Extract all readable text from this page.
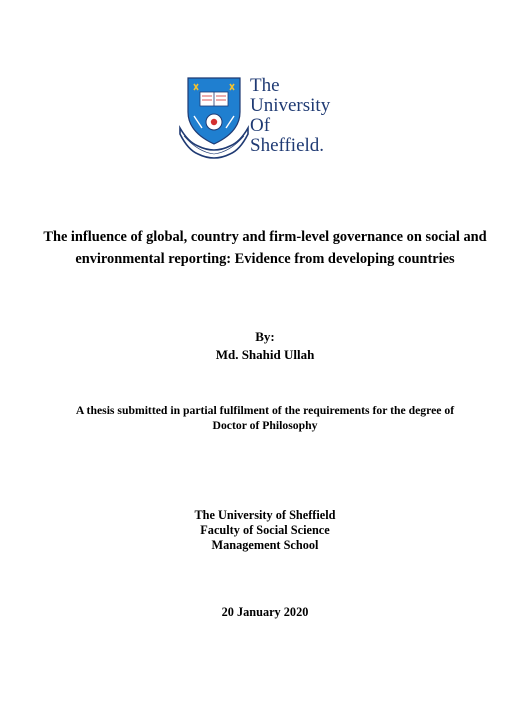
The
University
Of
Sheffield.
The influence of global, country and firm-level governance on social and environmental reporting: Evidence from developing countries
By:
Md. Shahid Ullah
A thesis submitted in partial fulfilment of the requirements for the degree of
Doctor of Philosophy
The University of Sheffield
Faculty of Social Science
Management School
20 January 2020
